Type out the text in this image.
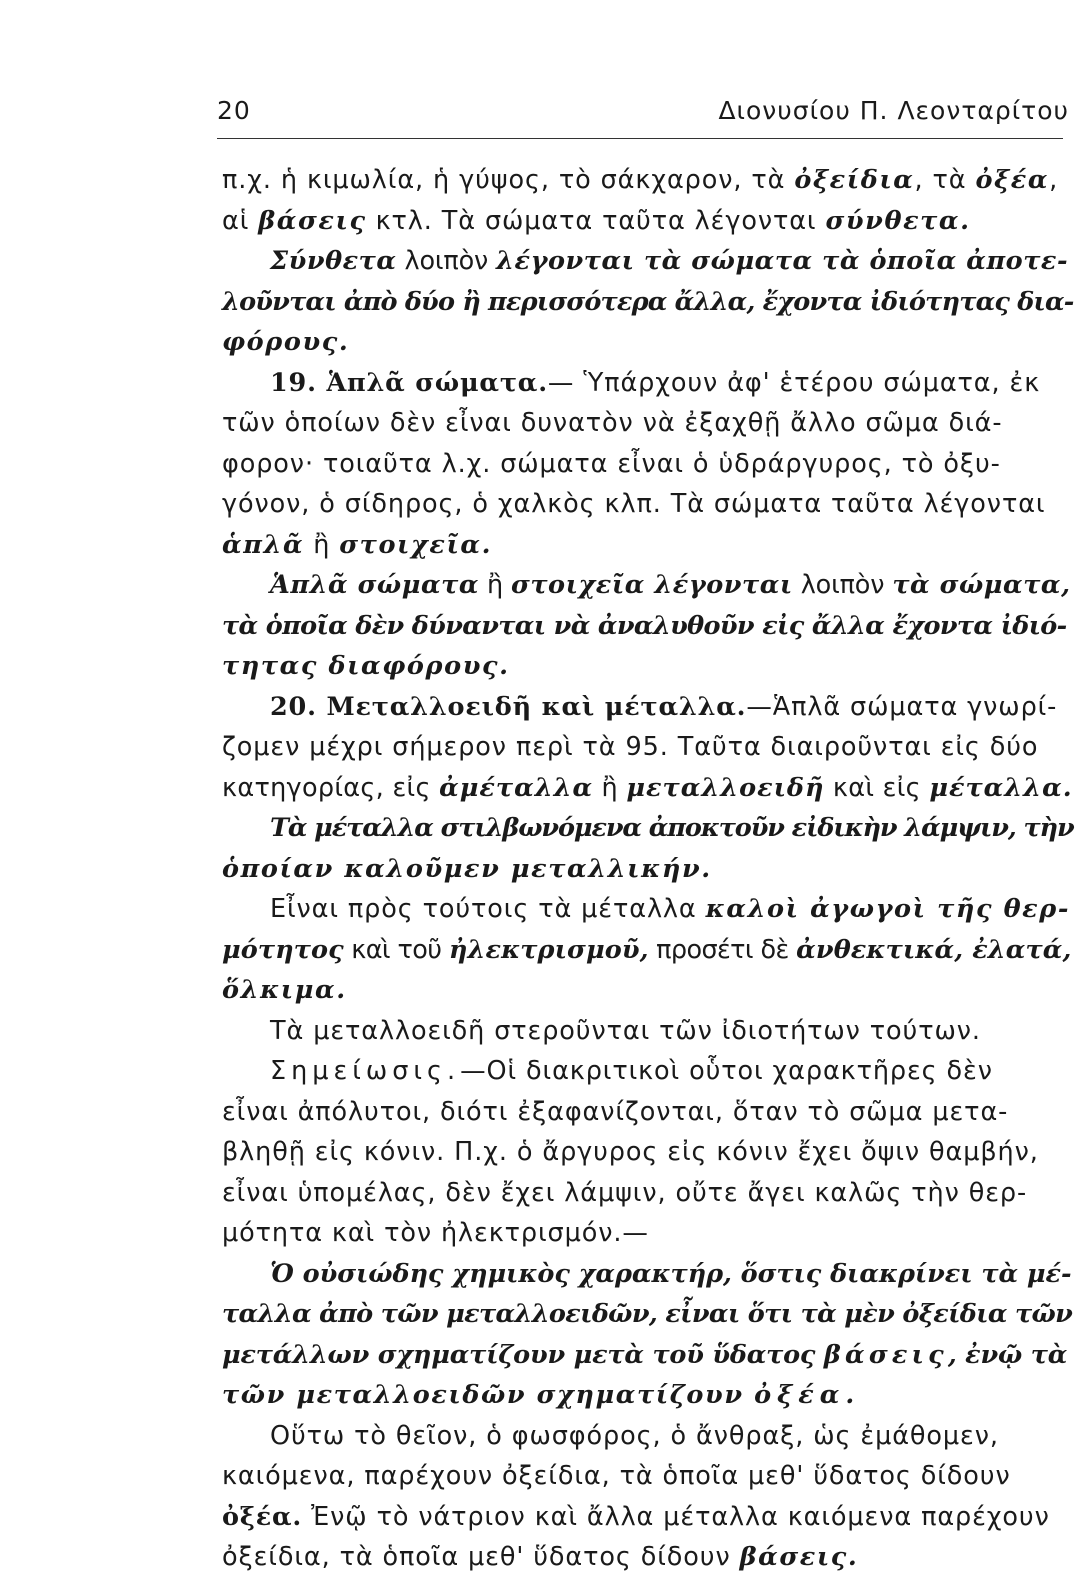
20	Διονυσίου Π. Λεονταρίτου
π.χ. ἡ κιμωλία, ἡ γύψος, τὸ σάκχαρον, τὰ ὀξείδια, τὰ ὀξέα,
αἱ βάσεις κτλ. Τὰ σώματα ταῦτα λέγονται σύνθετα.
Σύνθετα λοιπὸν λέγονται τὰ σώματα τὰ ὁποῖα ἀποτε-
λοῦνται ἀπὸ δύο ἢ περισσότερα ἄλλα, ἔχοντα ἰδιότητας δια-
φόρους.
19. Ἁπλᾶ σώματα.— Ὑπάρχουν ἀφ' ἑτέρου σώματα, ἐκ
τῶν ὁποίων δὲν εἶναι δυνατὸν νὰ ἐξαχθῇ ἄλλο σῶμα διά-
φορον· τοιαῦτα λ.χ. σώματα εἶναι ὁ ὑδράργυρος, τὸ ὀξυ-
γόνον, ὁ σίδηρος, ὁ χαλκὸς κλπ. Τὰ σώματα ταῦτα λέγονται
ἁπλᾶ ἢ στοιχεῖα.
Ἁπλᾶ σώματα ἢ στοιχεῖα λέγονται λοιπὸν τὰ σώματα,
τὰ ὁποῖα δὲν δύνανται νὰ ἀναλυθοῦν εἰς ἄλλα ἔχοντα ἰδιό-
τητας διαφόρους.
20. Μεταλλοειδῆ καὶ μέταλλα.—Ἁπλᾶ σώματα γνωρί-
ζομεν μέχρι σήμερον περὶ τὰ 95. Ταῦτα διαιροῦνται εἰς δύο
κατηγορίας, εἰς ἀμέταλλα ἢ μεταλλοειδῆ καὶ εἰς μέταλλα.
Τὰ μέταλλα στιλβωνόμενα ἀποκτοῦν εἰδικὴν λάμψιν, τὴν
ὁποίαν καλοῦμεν μεταλλικήν.
Εἶναι πρὸς τούτοις τὰ μέταλλα καλοὶ ἀγωγοὶ τῆς θερ-
μότητος καὶ τοῦ ἠλεκτρισμοῦ, προσέτι δὲ ἀνθεκτικά, ἐλατά,
ὅλκιμα.
Τὰ μεταλλοειδῆ στεροῦνται τῶν ἰδιοτήτων τούτων.
Σημείωσις.—Οἱ διακριτικοὶ οὗτοι χαρακτῆρες δὲν
εἶναι ἀπόλυτοι, διότι ἐξαφανίζονται, ὅταν τὸ σῶμα μετα-
βληθῇ εἰς κόνιν. Π.χ. ὁ ἄργυρος εἰς κόνιν ἔχει ὄψιν θαμβήν,
εἶναι ὑπομέλας, δὲν ἔχει λάμψιν, οὔτε ἄγει καλῶς τὴν θερ-
μότητα καὶ τὸν ἠλεκτρισμόν.—
Ὁ οὐσιώδης χημικὸς χαρακτήρ, ὅστις διακρίνει τὰ μέ-
ταλλα ἀπὸ τῶν μεταλλοειδῶν, εἶναι ὅτι τὰ μὲν ὀξείδια τῶν
μετάλλων σχηματίζουν μετὰ τοῦ ὕδατος βάσεις, ἐνῷ τὰ
τῶν μεταλλοειδῶν σχηματίζουν ὀξέα.
Οὕτω τὸ θεῖον, ὁ φωσφόρος, ὁ ἄνθραξ, ὡς ἐμάθομεν,
καιόμενα, παρέχουν ὀξείδια, τὰ ὁποῖα μεθ' ὕδατος δίδουν
ὀξέα. Ἐνῷ τὸ νάτριον καὶ ἄλλα μέταλλα καιόμενα παρέχουν
ὀξείδια, τὰ ὁποῖα μεθ' ὕδατος δίδουν βάσεις.
